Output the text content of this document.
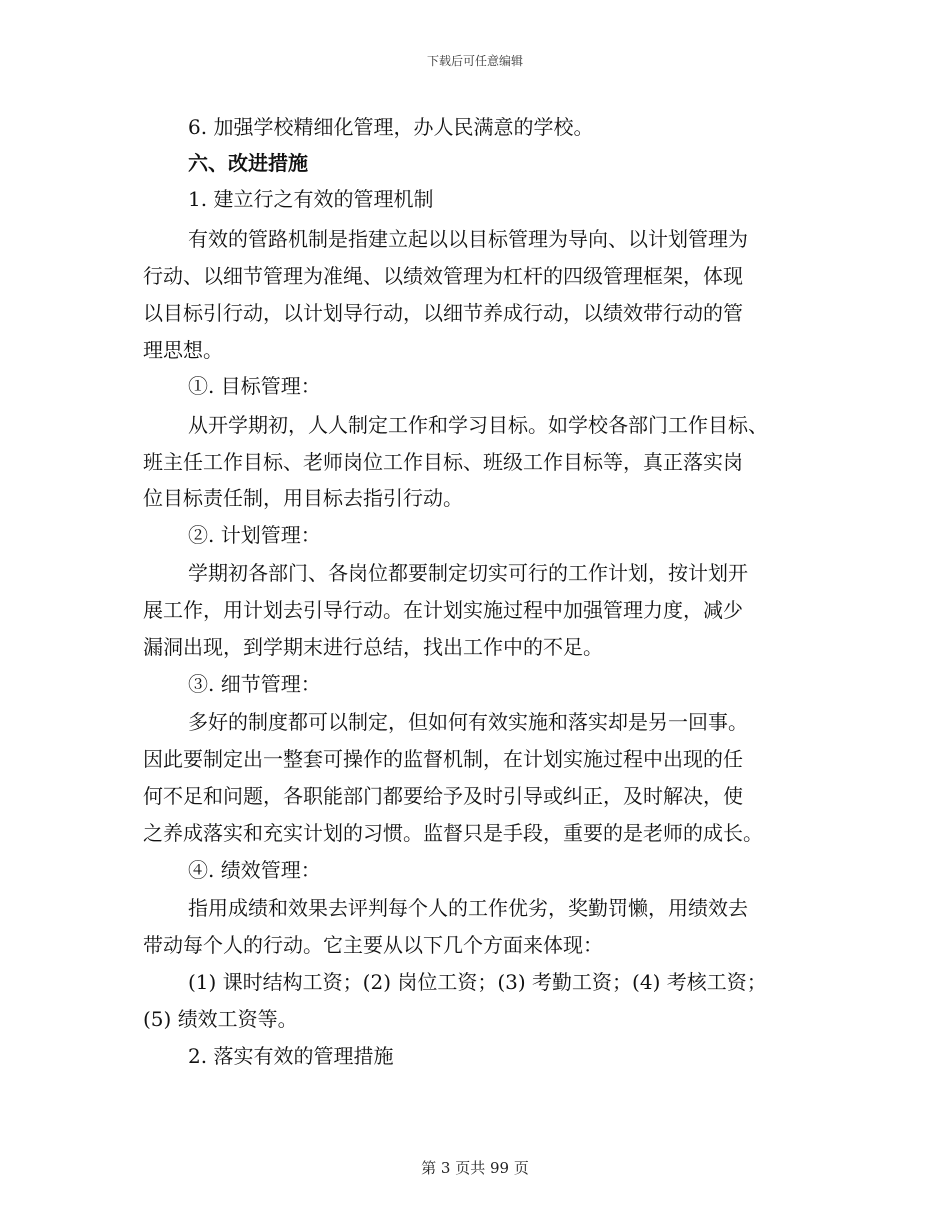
下载后可任意编辑
6. 加强学校精细化管理，办人民满意的学校。
六、改进措施
1. 建立行之有效的管理机制
有效的管路机制是指建立起以以目标管理为导向、以计划管理为
行动、以细节管理为准绳、以绩效管理为杠杆的四级管理框架，体现
以目标引行动，以计划导行动，以细节养成行动，以绩效带行动的管
理思想。
①. 目标管理：
从开学期初，人人制定工作和学习目标。如学校各部门工作目标、
班主任工作目标、老师岗位工作目标、班级工作目标等，真正落实岗
位目标责任制，用目标去指引行动。
②. 计划管理：
学期初各部门、各岗位都要制定切实可行的工作计划，按计划开
展工作，用计划去引导行动。在计划实施过程中加强管理力度，减少
漏洞出现，到学期末进行总结，找出工作中的不足。
③. 细节管理：
多好的制度都可以制定，但如何有效实施和落实却是另一回事。
因此要制定出一整套可操作的监督机制，在计划实施过程中出现的任
何不足和问题，各职能部门都要给予及时引导或纠正，及时解决，使
之养成落实和充实计划的习惯。监督只是手段，重要的是老师的成长。
④. 绩效管理：
指用成绩和效果去评判每个人的工作优劣，奖勤罚懒，用绩效去
带动每个人的行动。它主要从以下几个方面来体现：
(1) 课时结构工资；(2) 岗位工资；(3) 考勤工资；(4) 考核工资；
(5) 绩效工资等。
2. 落实有效的管理措施
第 3 页共 99 页
